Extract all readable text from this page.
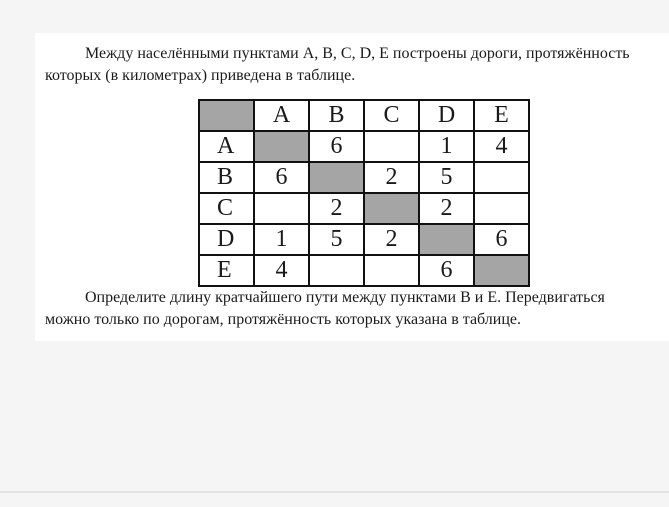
Между населёнными пунктами A, B, C, D, E построены дороги, протяжённость
которых (в километрах) приведена в таблице.
	A	B	C	D	E
A		6		1	4
B	6		2	5	
C		2		2	
D	1	5	2		6
E	4			6	
Определите длину кратчайшего пути между пунктами B и E. Передвигаться
можно только по дорогам, протяжённость которых указана в таблице.
